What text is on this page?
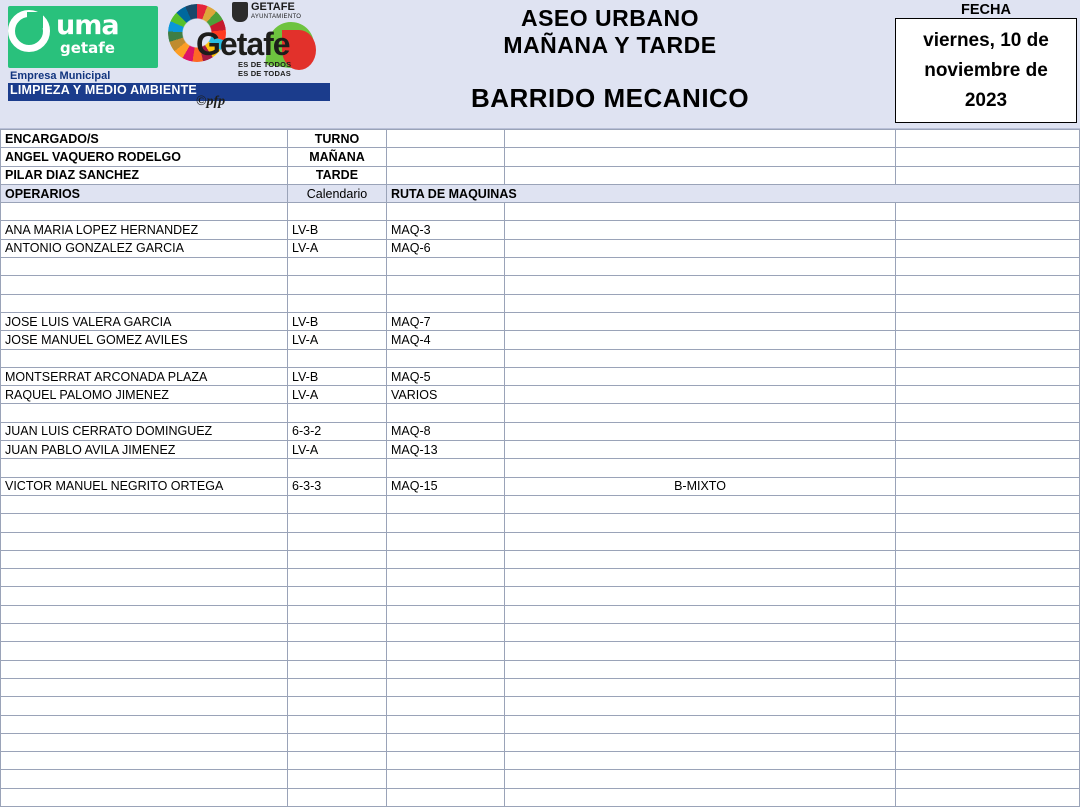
uma
getafe
Empresa Municipal
LIMPIEZA Y MEDIO AMBIENTE
GETAFE
AYUNTAMIENTO
Getafe
ES DE TODOS
ES DE TODAS
©pfp
ASEO URBANO
MAÑANA Y TARDE
BARRIDO MECANICO
FECHA
viernes, 10 de noviembre de 2023
ENCARGADO/S	TURNO			
ANGEL VAQUERO RODELGO	MAÑANA			
PILAR DIAZ SANCHEZ	TARDE			
OPERARIOS	Calendario	RUTA DE MAQUINAS		

ANA MARIA LOPEZ HERNANDEZ	LV-B	MAQ-3		
ANTONIO GONZALEZ GARCIA	LV-A	MAQ-6		

JOSE LUIS VALERA GARCIA	LV-B	MAQ-7		
JOSE MANUEL GOMEZ AVILES	LV-A	MAQ-4		

MONTSERRAT ARCONADA PLAZA	LV-B	MAQ-5		
RAQUEL PALOMO JIMENEZ	LV-A	VARIOS		

JUAN LUIS CERRATO DOMINGUEZ	6-3-2	MAQ-8		
JUAN PABLO AVILA JIMENEZ	LV-A	MAQ-13		

VICTOR MANUEL NEGRITO ORTEGA	6-3-3	MAQ-15	B-MIXTO	
